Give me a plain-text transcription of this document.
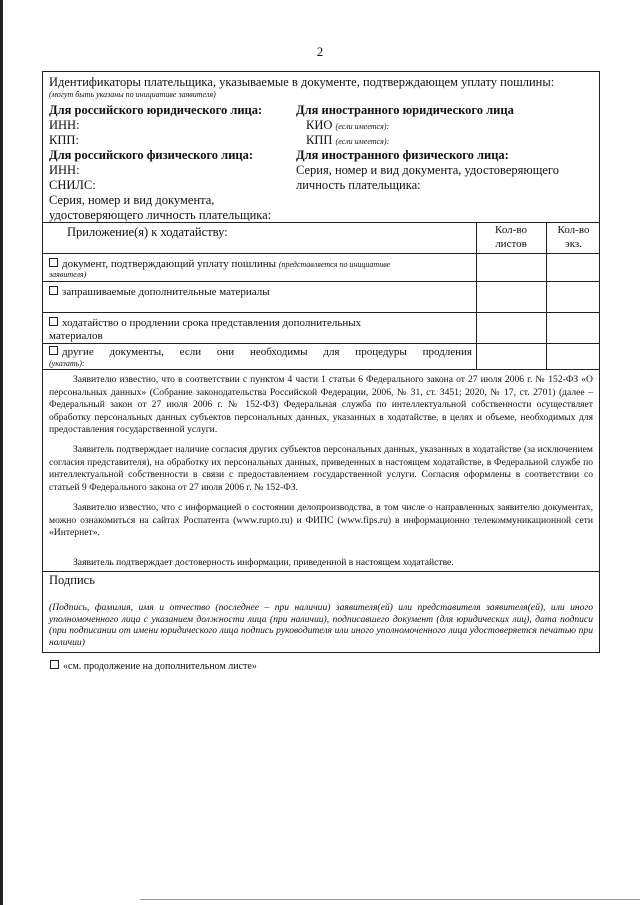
2
Идентификаторы плательщика, указываемые в документе, подтверждающем уплату пошлины:
(могут быть указаны по инициативе заявителя)
Для российского юридического лица:
ИНН:
КПП:
Для иностранного юридического лица
КИО (если имеется):
КПП (если имеется):
Для российского физического лица:
ИНН:
СНИЛС:
Серия, номер и вид документа,
удостоверяющего личность плательщика:
Для иностранного физического лица:
Серия, номер и вид документа, удостоверяющего
личность плательщика:
Приложение(я) к ходатайству:	Кол-во
листов
Кол-во
экз.
документ, подтверждающий уплату пошлины (представляется по инициативе
заявителя)
запрашиваемые дополнительные материалы
ходатайство о продлении срока представления дополнительных
материалов
другие документы, если они необходимы для процедуры продления
(указать):
Заявителю известно, что в соответствии с пунктом 4 части 1 статьи 6 Федерального закона от 27 июля 2006 г. № 152-ФЗ «О персональных данных» (Собрание законодательства Российской Федерации, 2006, № 31, ст. 3451; 2020, № 17, ст. 2701) (далее – Федеральный закон от 27 июля 2006 г. № 152-ФЗ) Федеральная служба по интеллектуальной собственности осуществляет обработку персональных данных субъектов персональных данных, указанных в ходатайстве, в целях и объеме, необходимых для предоставления государственной услуги.
Заявитель подтверждает наличие согласия других субъектов персональных данных, указанных в ходатайстве (за исключением согласия представителя), на обработку их персональных данных, приведенных в настоящем ходатайстве, в Федеральной службе по интеллектуальной собственности в связи с предоставлением государственной услуги. Согласия оформлены в соответствии со статьей 9 Федерального закона от 27 июля 2006 г. № 152-ФЗ.
Заявителю известно, что с информацией о состоянии делопроизводства, в том числе о направленных заявителю документах, можно ознакомиться на сайтах Роспатента (www.rupto.ru) и ФИПС (www.fips.ru) в информационно телекоммуникационной сети «Интернет».
Заявитель подтверждает достоверность информации, приведенной в настоящем ходатайстве.
Подпись
(Подпись, фамилия, имя и отчество (последнее – при наличии) заявителя(ей) или представителя заявителя(ей), или иного уполномоченного лица с указанием должности лица (при наличии), подписавшего документ (для юридических лиц), дата подписи (при подписании от имени юридического лица подпись руководителя или иного уполномоченного лица удостоверяется печатью при наличии)
«см. продолжение на дополнительном листе»
